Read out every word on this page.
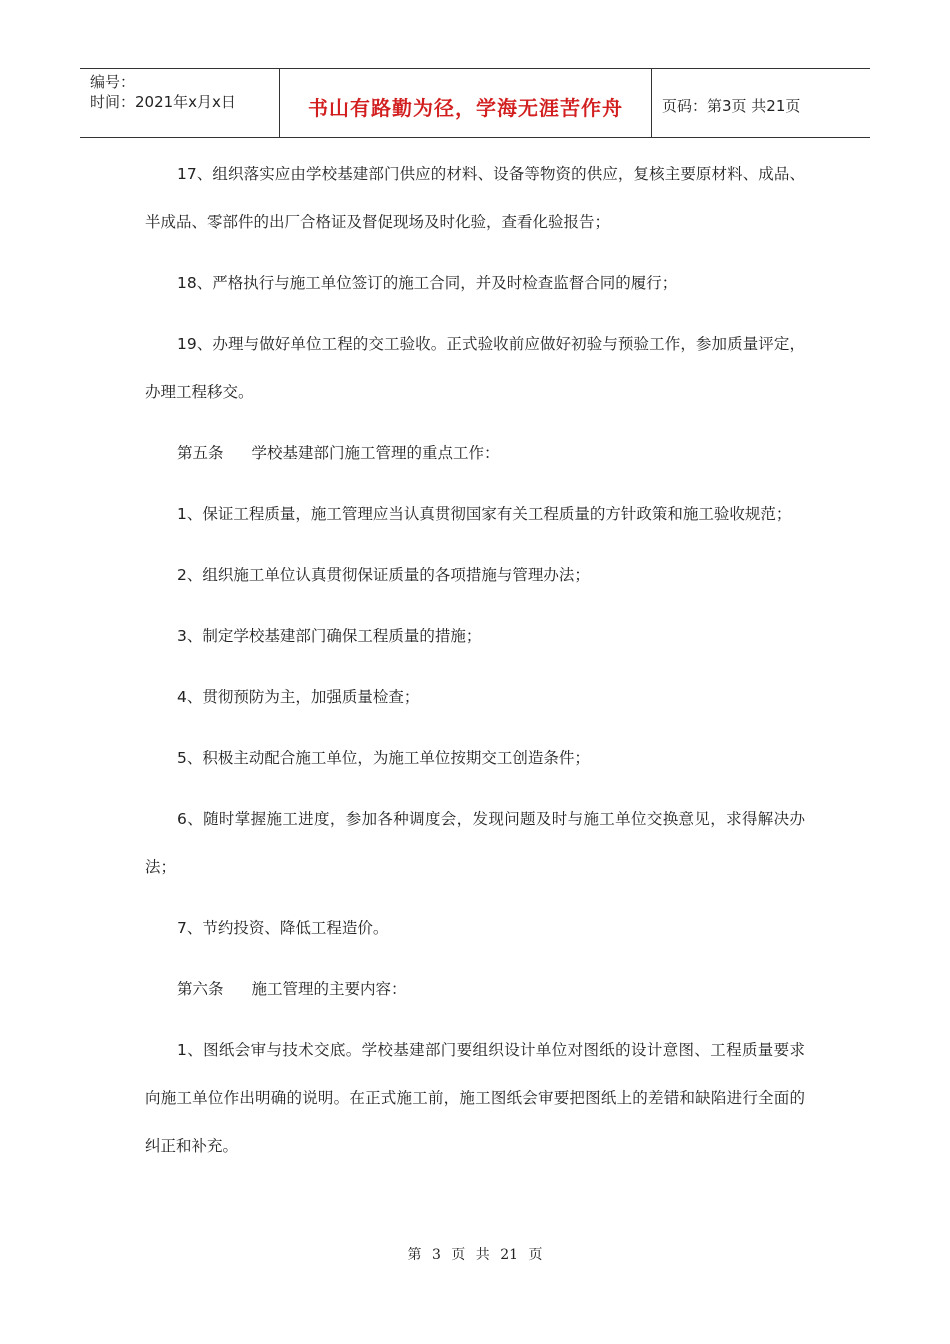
编号：
时间：2021年x月x日	书山有路勤为径，学海无涯苦作舟	页码：第3页 共21页

17、组织落实应由学校基建部门供应的材料、设备等物资的供应，复核主要原材料、成品、半成品、零部件的出厂合格证及督促现场及时化验，查看化验报告；

18、严格执行与施工单位签订的施工合同，并及时检查监督合同的履行；

19、办理与做好单位工程的交工验收。正式验收前应做好初验与预验工作，参加质量评定，办理工程移交。

第五条 学校基建部门施工管理的重点工作：

1、保证工程质量，施工管理应当认真贯彻国家有关工程质量的方针政策和施工验收规范；

2、组织施工单位认真贯彻保证质量的各项措施与管理办法；

3、制定学校基建部门确保工程质量的措施；

4、贯彻预防为主，加强质量检查；

5、积极主动配合施工单位，为施工单位按期交工创造条件；

6、随时掌握施工进度，参加各种调度会，发现问题及时与施工单位交换意见，求得解决办法；

7、节约投资、降低工程造价。

第六条 施工管理的主要内容：

1、图纸会审与技术交底。学校基建部门要组织设计单位对图纸的设计意图、工程质量要求向施工单位作出明确的说明。在正式施工前，施工图纸会审要把图纸上的差错和缺陷进行全面的纠正和补充。

第 3 页 共 21 页
